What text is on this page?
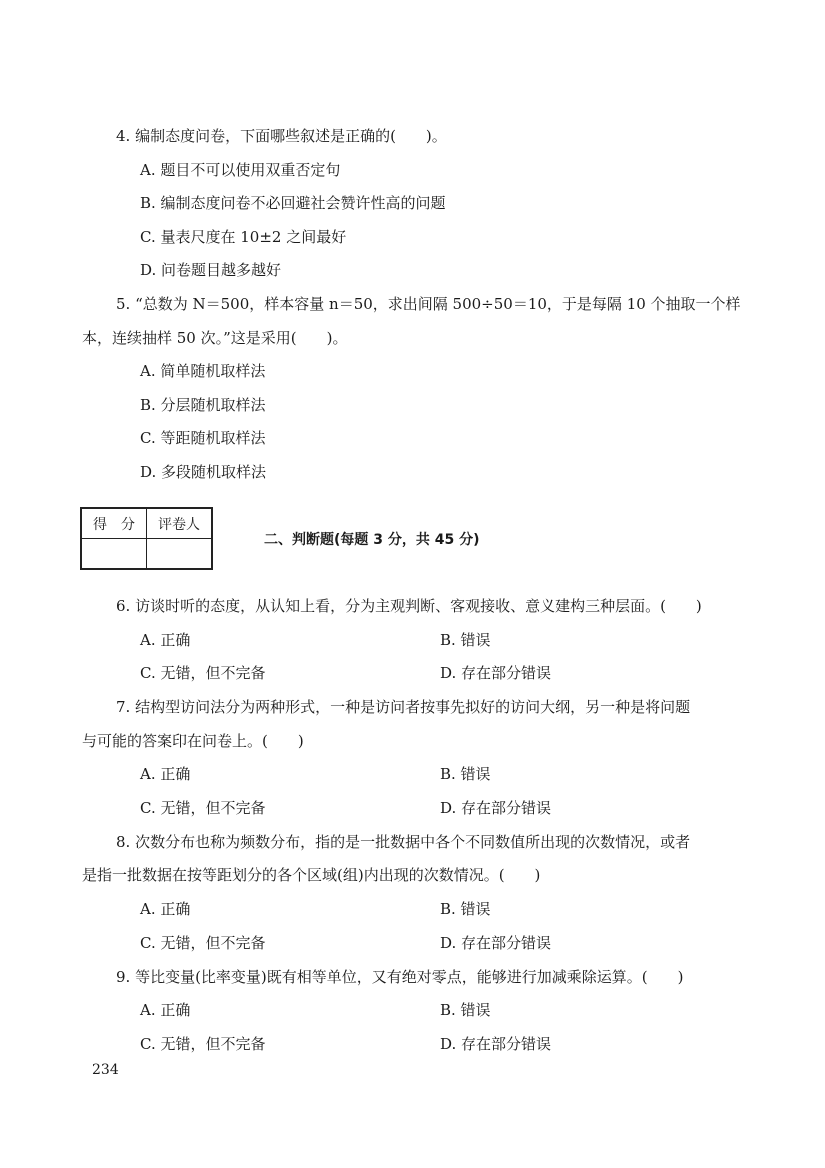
4. 编制态度问卷，下面哪些叙述是正确的(　　)。
A. 题目不可以使用双重否定句
B. 编制态度问卷不必回避社会赞许性高的问题
C. 量表尺度在 10±2 之间最好
D. 问卷题目越多越好
5. “总数为 N＝500，样本容量 n＝50，求出间隔 500÷50＝10，于是每隔 10 个抽取一个样
本，连续抽样 50 次。”这是采用(　　)。
A. 简单随机取样法
B. 分层随机取样法
C. 等距随机取样法
D. 多段随机取样法
得　分	评卷人

二、判断题(每题 3 分，共 45 分)
6. 访谈时听的态度，从认知上看，分为主观判断、客观接收、意义建构三种层面。(　　)
A. 正确	B. 错误
C. 无错，但不完备	D. 存在部分错误
7. 结构型访问法分为两种形式，一种是访问者按事先拟好的访问大纲，另一种是将问题
与可能的答案印在问卷上。(　　)
A. 正确	B. 错误
C. 无错，但不完备	D. 存在部分错误
8. 次数分布也称为频数分布，指的是一批数据中各个不同数值所出现的次数情况，或者
是指一批数据在按等距划分的各个区域(组)内出现的次数情况。(　　)
A. 正确	B. 错误
C. 无错，但不完备	D. 存在部分错误
9. 等比变量(比率变量)既有相等单位，又有绝对零点，能够进行加减乘除运算。(　　)
A. 正确	B. 错误
C. 无错，但不完备	D. 存在部分错误
234
